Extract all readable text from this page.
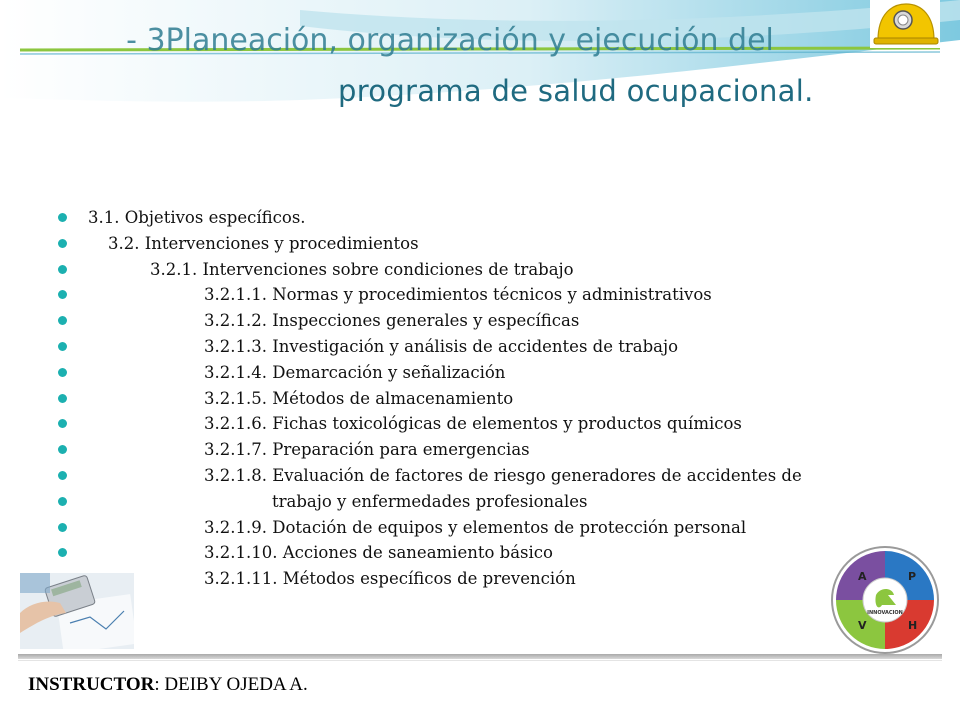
- 3Planeación, organización y ejecución del
programa de salud ocupacional.
3.1. Objetivos específicos.
3.2. Intervenciones y procedimientos
3.2.1. Intervenciones sobre condiciones de trabajo
3.2.1.1. Normas y procedimientos técnicos y administrativos
3.2.1.2. Inspecciones generales y específicas
3.2.1.3. Investigación y análisis de accidentes de trabajo
3.2.1.4. Demarcación y señalización
3.2.1.5. Métodos de almacenamiento
3.2.1.6. Fichas toxicológicas de elementos y productos químicos
3.2.1.7. Preparación para emergencias
3.2.1.8. Evaluación de factores de riesgo generadores de accidentes de
trabajo y enfermedades profesionales
3.2.1.9. Dotación de equipos y elementos de protección personal
3.2.1.10. Acciones de saneamiento básico
3.2.1.11. Métodos específicos de prevención	A	P
V	H
INNOVACION
INSTRUCTOR: DEIBY OJEDA A.
